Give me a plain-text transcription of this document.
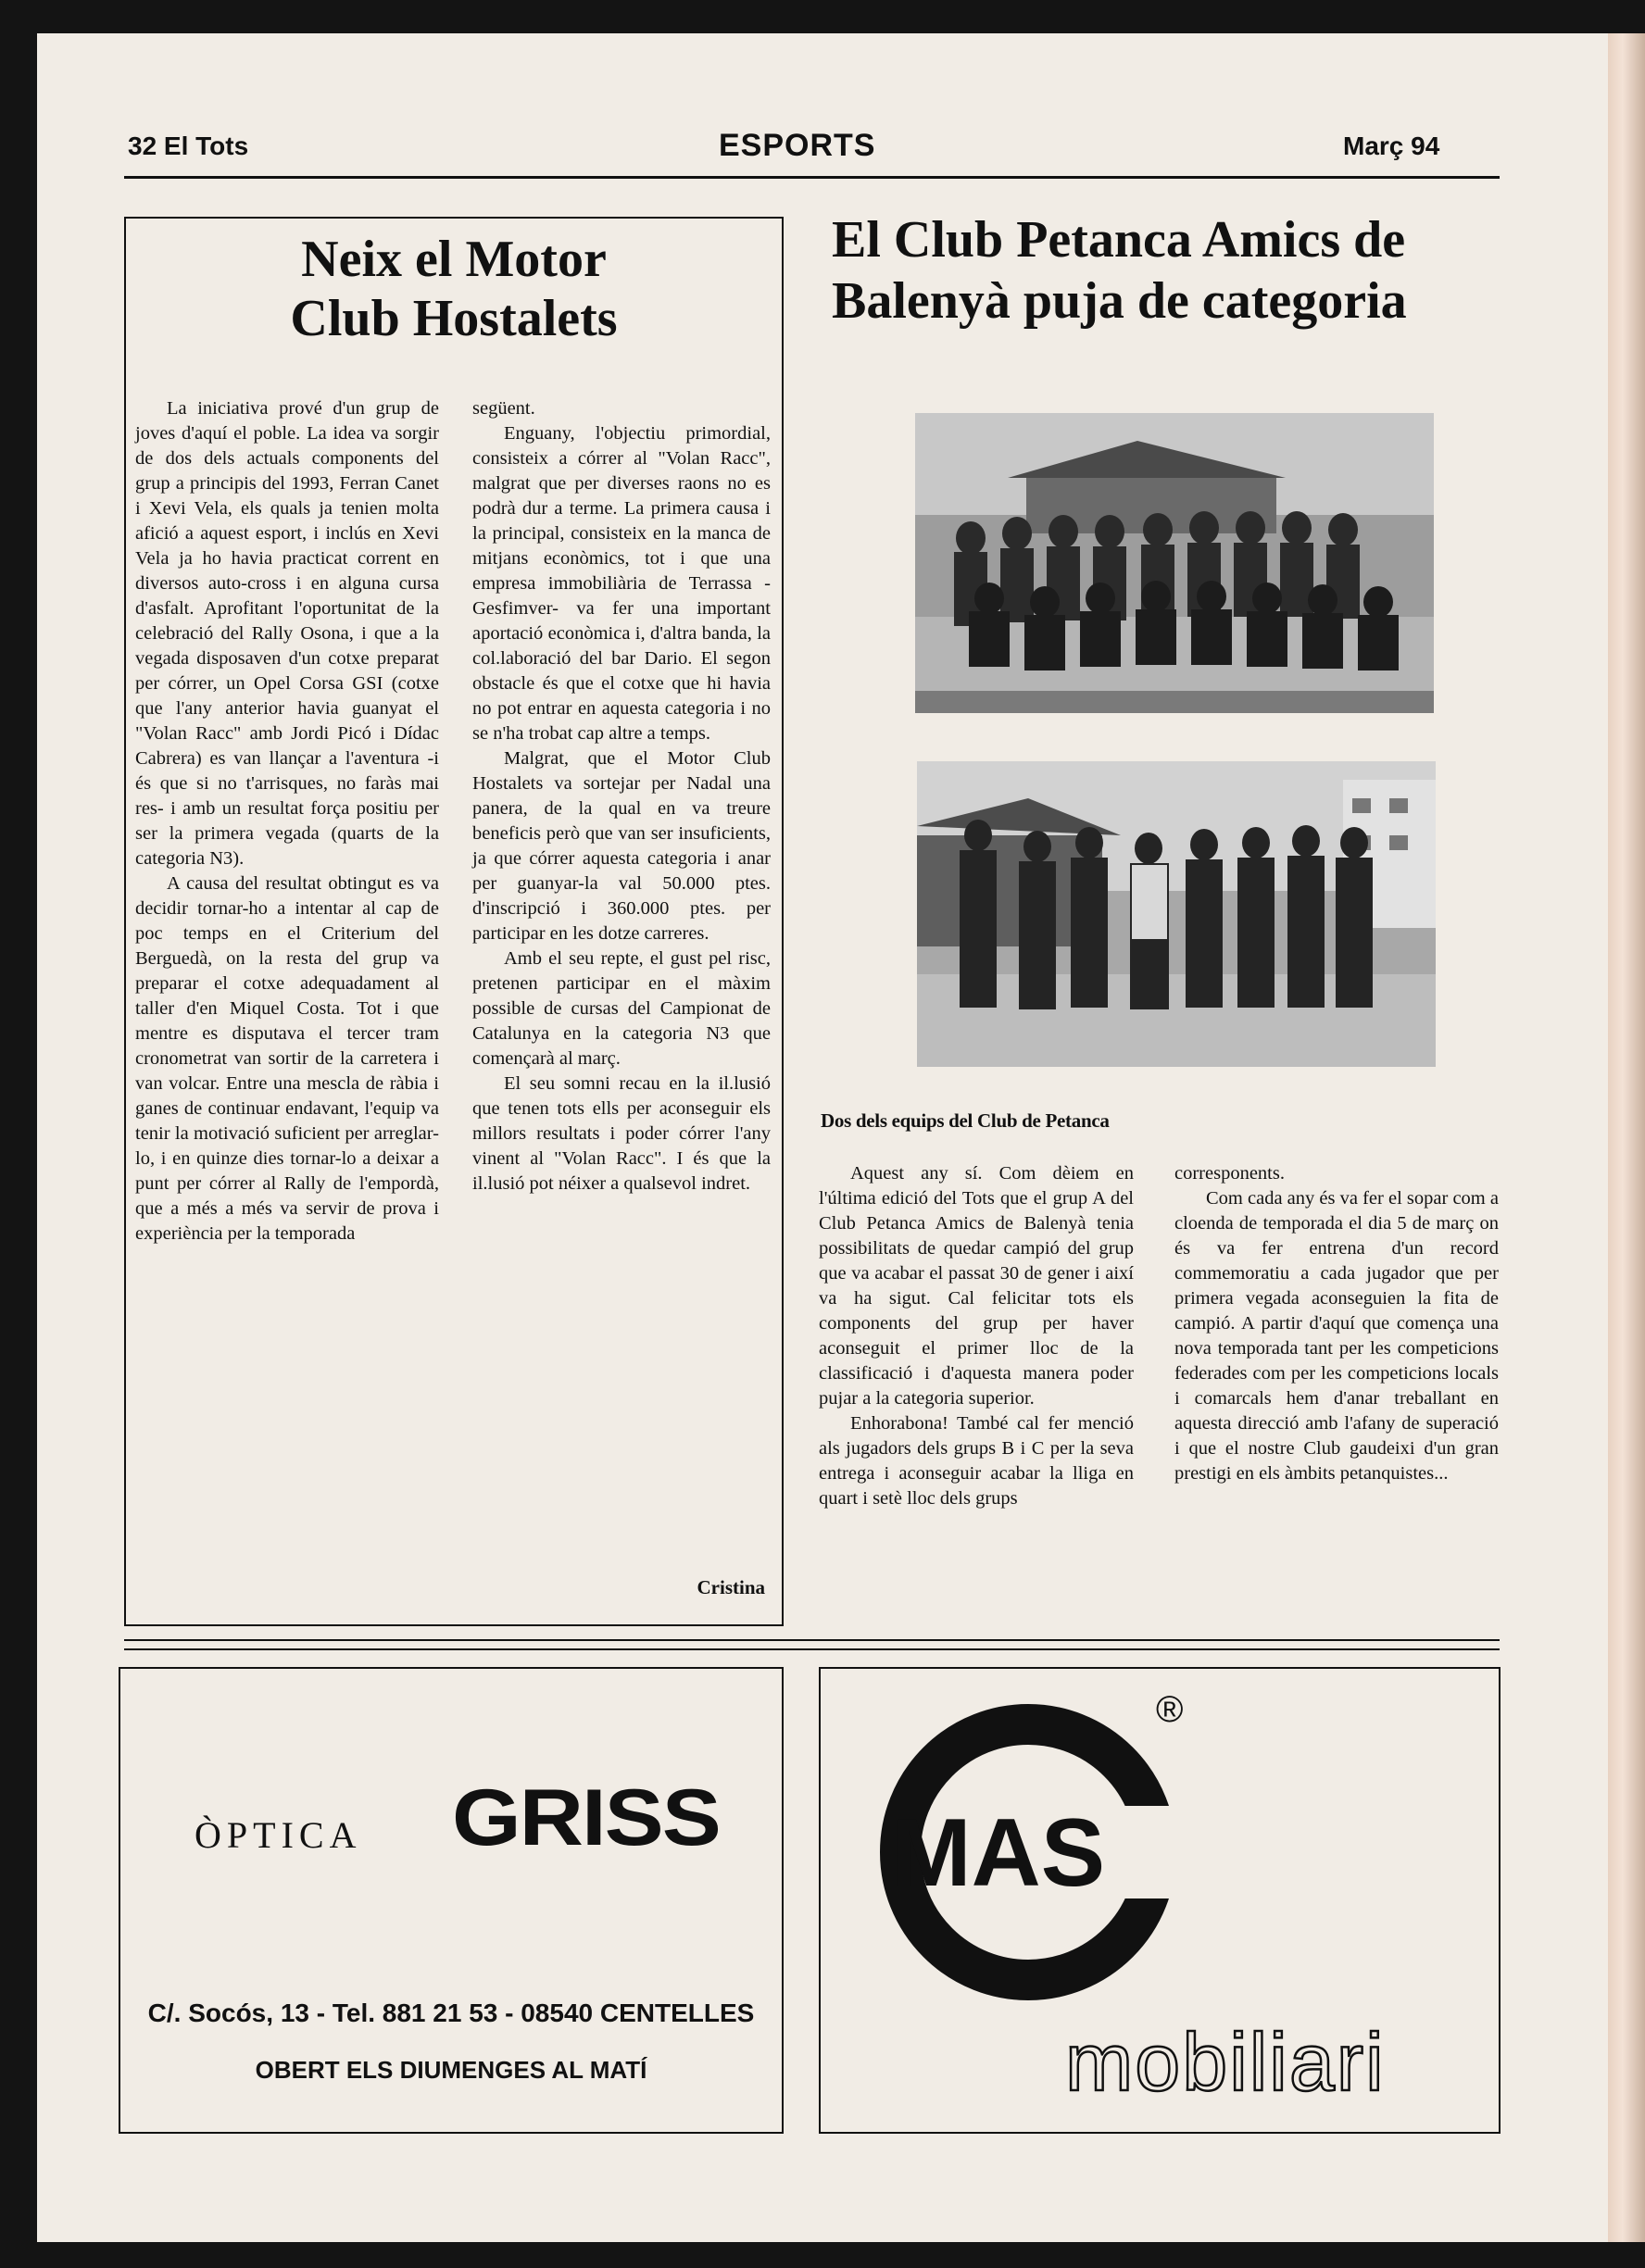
32 El Tots	ESPORTS	Març 94
Neix el Motor
Club Hostalets

La iniciativa prové d'un grup de joves d'aquí el poble. La idea va sorgir de dos dels actuals components del grup a principis del 1993, Ferran Canet i Xevi Vela, els quals ja tenien molta afició a aquest esport, i inclús en Xevi Vela ja ho havia practicat corrent en diversos auto-cross i en alguna cursa d'asfalt. Aprofitant l'oportunitat de la celebració del Rally Osona, i que a la vegada disposaven d'un cotxe preparat per córrer, un Opel Corsa GSI (cotxe que l'any anterior havia guanyat el "Volan Racc" amb Jordi Picó i Dídac Cabrera) es van llançar a l'aventura -i és que si no t'arrisques, no faràs mai res- i amb un resultat força positiu per ser la primera vegada (quarts de la categoria N3).

A causa del resultat obtingut es va decidir tornar-ho a intentar al cap de poc temps en el Criterium del Berguedà, on la resta del grup va preparar el cotxe adequadament al taller d'en Miquel Costa. Tot i que mentre es disputava el tercer tram cronometrat van sortir de la carretera i van volcar. Entre una mescla de ràbia i ganes de continuar endavant, l'equip va tenir la motivació suficient per arreglar-lo, i en quinze dies tornar-lo a deixar a punt per córrer al Rally de l'empordà, que a més a més va servir de prova i experiència per la temporada

següent.

Enguany, l'objectiu primordial, consisteix a córrer al "Volan Racc", malgrat que per diverses raons no es podrà dur a terme. La primera causa i la principal, consisteix en la manca de mitjans econòmics, tot i que una empresa immobiliària de Terrassa -Gesfimver- va fer una important aportació econòmica i, d'altra banda, la col.laboració del bar Dario. El segon obstacle és que el cotxe que hi havia no pot entrar en aquesta categoria i no se n'ha trobat cap altre a temps.

Malgrat, que el Motor Club Hostalets va sortejar per Nadal una panera, de la qual en va treure beneficis però que van ser insuficients, ja que córrer aquesta categoria i anar per guanyar-la val 50.000 ptes. d'inscripció i 360.000 ptes. per participar en les dotze carreres.

Amb el seu repte, el gust pel risc, pretenen participar en el màxim possible de cursas del Campionat de Catalunya en la categoria N3 que començarà al març.

El seu somni recau en la il.lusió que tenen tots ells per aconseguir els millors resultats i poder córrer l'any vinent al "Volan Racc". I és que la il.lusió pot néixer a qualsevol indret.

Cristina
El Club Petanca Amics de
Balenyà puja de categoria
Dos dels equips del Club de Petanca

Aquest any sí. Com dèiem en l'última edició del Tots que el grup A del Club Petanca Amics de Balenyà tenia possibilitats de quedar campió del grup que va acabar el passat 30 de gener i així va ha sigut. Cal felicitar tots els components del grup per haver aconseguit el primer lloc de la classificació i d'aquesta manera poder pujar a la categoria superior.

Enhorabona! També cal fer menció als jugadors dels grups B i C per la seva entrega i aconseguir acabar la lliga en quart i setè lloc dels grups

corresponents.

Com cada any és va fer el sopar com a cloenda de temporada el dia 5 de març on és va fer entrena d'un record commemoratiu a cada jugador que per primera vegada aconseguien la fita de campió. A partir d'aquí que comença una nova temporada tant per les competicions federades com per les competicions locals i comarcals hem d'anar treballant en aquesta direcció amb l'afany de superació i que el nostre Club gaudeixi d'un gran prestigi en els àmbits petanquistes...

ÒPTICA GRISS
C/. Socós, 13 - Tel. 881 21 53 - 08540 CENTELLES
OBERT ELS DIUMENGES AL MATÍ
MAS
®
mobiliari
